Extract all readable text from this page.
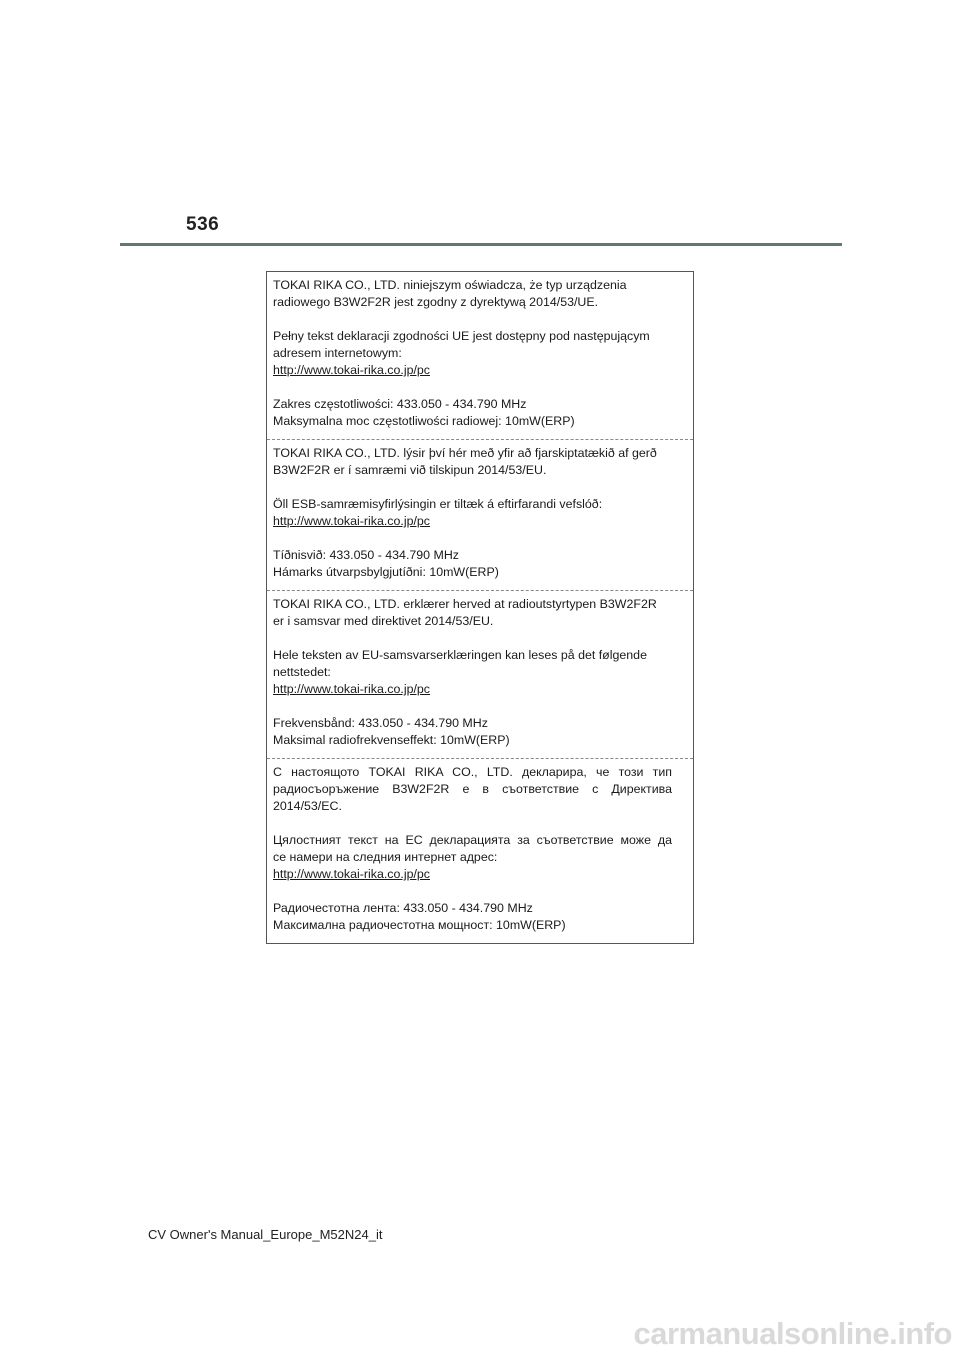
536

TOKAI RIKA CO., LTD. niniejszym oświadcza, że typ urządzenia
radiowego B3W2F2R jest zgodny z dyrektywą 2014/53/UE.

Pełny tekst deklaracji zgodności UE jest dostępny pod następującym
adresem internetowym:
http://www.tokai-rika.co.jp/pc

Zakres częstotliwości: 433.050 - 434.790 MHz
Maksymalna moc częstotliwości radiowej: 10mW(ERP)

TOKAI RIKA CO., LTD. lýsir því hér með yfir að fjarskiptatækið af gerð
B3W2F2R er í samræmi við tilskipun 2014/53/EU.

Öll ESB-samræmisyfirlýsingin er tiltæk á eftirfarandi vefslóð:
http://www.tokai-rika.co.jp/pc

Tíðnisvið: 433.050 - 434.790 MHz
Hámarks útvarpsbylgjutíðni: 10mW(ERP)

TOKAI RIKA CO., LTD. erklærer herved at radioutstyrtypen B3W2F2R
er i samsvar med direktivet 2014/53/EU.

Hele teksten av EU-samsvarserklæringen kan leses på det følgende
nettstedet:
http://www.tokai-rika.co.jp/pc

Frekvensbånd: 433.050 - 434.790 MHz
Maksimal radiofrekvenseffekt: 10mW(ERP)

С настоящото TOKAI RIKA CO., LTD. декларира, че този тип
радиосъоръжение B3W2F2R е в съответствие с Директива
2014/53/ЕС.

Цялостният текст на ЕС декларацията за съответствие може да
се намери на следния интернет адрес:
http://www.tokai-rika.co.jp/pc

Радиочестотна лента: 433.050 - 434.790 MHz
Максимална радиочестотна мощност: 10mW(ERP)

CV Owner's Manual_Europe_M52N24_it
carmanualsonline.info
